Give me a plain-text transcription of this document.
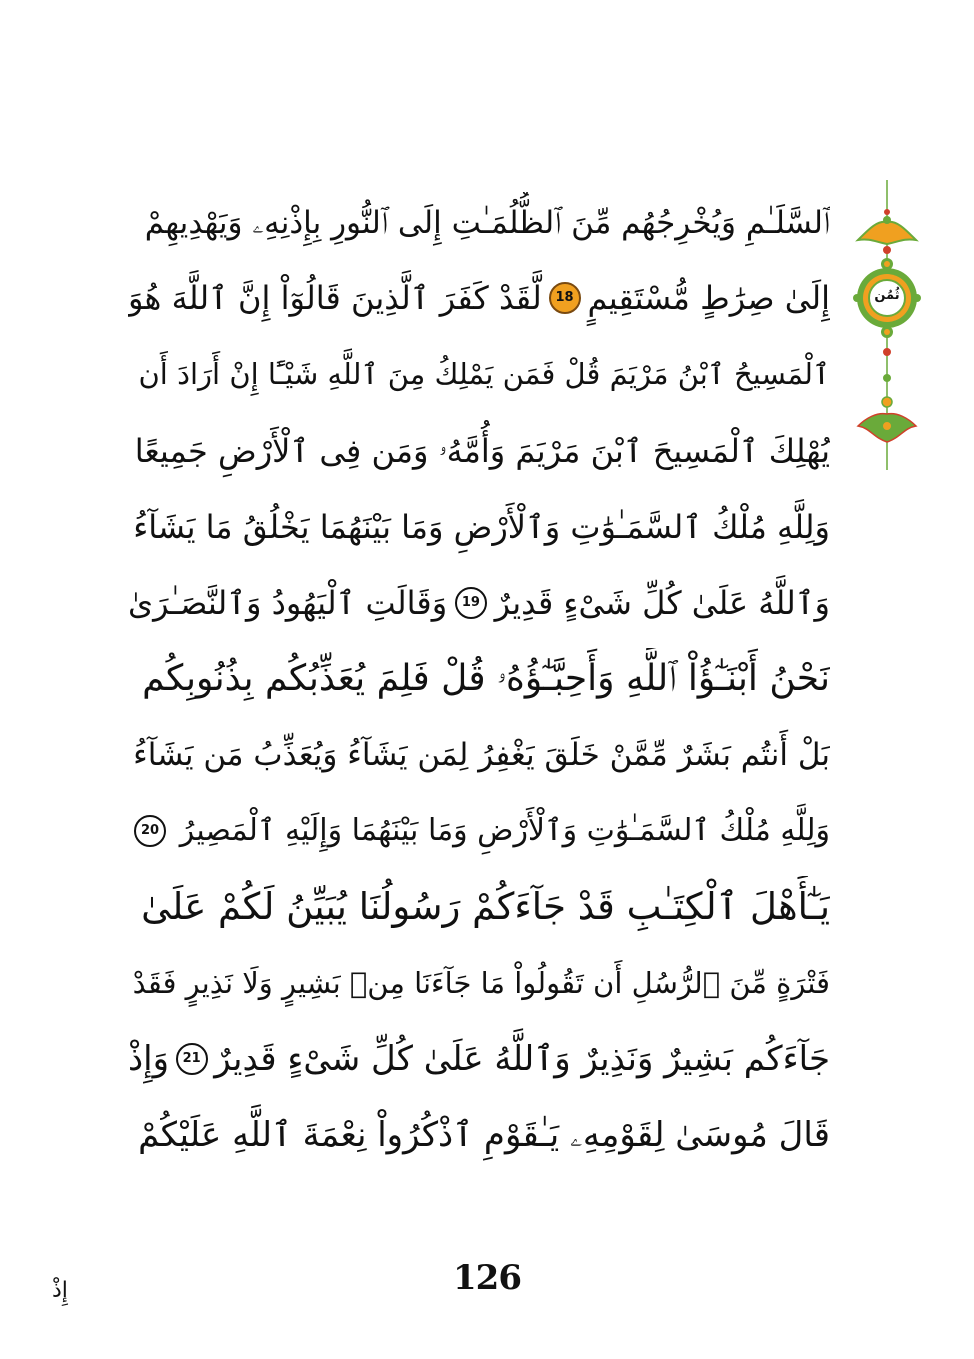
ثُمُن
ٱلسَّلَـٰمِ وَيُخْرِجُهُم مِّنَ ٱلظُّلُمَـٰتِ إِلَى ٱلنُّورِ بِإِذْنِهِۦ وَيَهْدِيهِمْ
إِلَىٰ صِرَٰطٍ مُّسْتَقِيمٍ
18
لَّقَدْ كَفَرَ ٱلَّذِينَ قَالُوٓاْ إِنَّ ٱللَّهَ هُوَ
ٱلْمَسِيحُ ٱبْنُ مَرْيَمَ قُلْ فَمَن يَمْلِكُ مِنَ ٱللَّهِ شَيْـًٔا إِنْ أَرَادَ أَن
يُهْلِكَ ٱلْمَسِيحَ ٱبْنَ مَرْيَمَ وَأُمَّهُۥ وَمَن فِى ٱلْأَرْضِ جَمِيعًا
وَلِلَّهِ مُلْكُ ٱلسَّمَـٰوَٰتِ وَٱلْأَرْضِ وَمَا بَيْنَهُمَا يَخْلُقُ مَا يَشَآءُ
وَٱللَّهُ عَلَىٰ كُلِّ شَىْءٍ قَدِيرٌ
19
وَقَالَتِ ٱلْيَهُودُ وَٱلنَّصَـٰرَىٰ
نَحْنُ أَبْنَـٰٓؤُاْ ٱللَّهِ وَأَحِبَّـٰٓؤُهُۥ قُلْ فَلِمَ يُعَذِّبُكُم بِذُنُوبِكُم
بَلْ أَنتُم بَشَرٌ مِّمَّنْ خَلَقَ يَغْفِرُ لِمَن يَشَآءُ وَيُعَذِّبُ مَن يَشَآءُ
وَلِلَّهِ مُلْكُ ٱلسَّمَـٰوَٰتِ وَٱلْأَرْضِ وَمَا بَيْنَهُمَا وَإِلَيْهِ ٱلْمَصِيرُ
20
يَـٰٓأَهْلَ ٱلْكِتَـٰبِ قَدْ جَآءَكُمْ رَسُولُنَا يُبَيِّنُ لَكُمْ عَلَىٰ
فَتْرَةٍ مِّنَ ٱلرُّسُلِ أَن تَقُولُواْ مَا جَآءَنَا مِنۢ بَشِيرٍ وَلَا نَذِيرٍ فَقَدْ
جَآءَكُم بَشِيرٌ وَنَذِيرٌ وَٱللَّهُ عَلَىٰ كُلِّ شَىْءٍ قَدِيرٌ
21
وَإِذْ
قَالَ مُوسَىٰ لِقَوْمِهِۦ يَـٰقَوْمِ ٱذْكُرُواْ نِعْمَةَ ٱللَّهِ عَلَيْكُمْ
126
إِذْ
